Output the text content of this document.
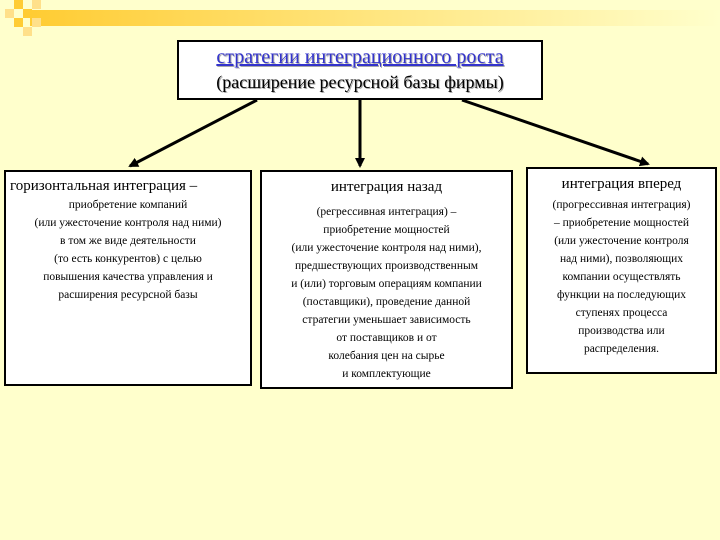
стратегии интеграционного роста
(расширение ресурсной базы фирмы)
горизонтальная интеграция –
приобретение компаний
(или ужесточение контроля над ними)
в том же виде деятельности
(то есть конкурентов) с целью
повышения качества управления и
расширения ресурсной базы
интеграция назад
(регрессивная интеграция) –
приобретение мощностей
(или ужесточение контроля над ними),
предшествующих производственным
и (или) торговым операциям компании
(поставщики), проведение данной
стратегии уменьшает зависимость
от поставщиков и от
колебания цен на сырье
и комплектующие
интеграция вперед
(прогрессивная интеграция)
– приобретение мощностей
(или ужесточение контроля
над ними), позволяющих
компании осуществлять
функции на последующих
ступенях процесса
производства или
распределения.
